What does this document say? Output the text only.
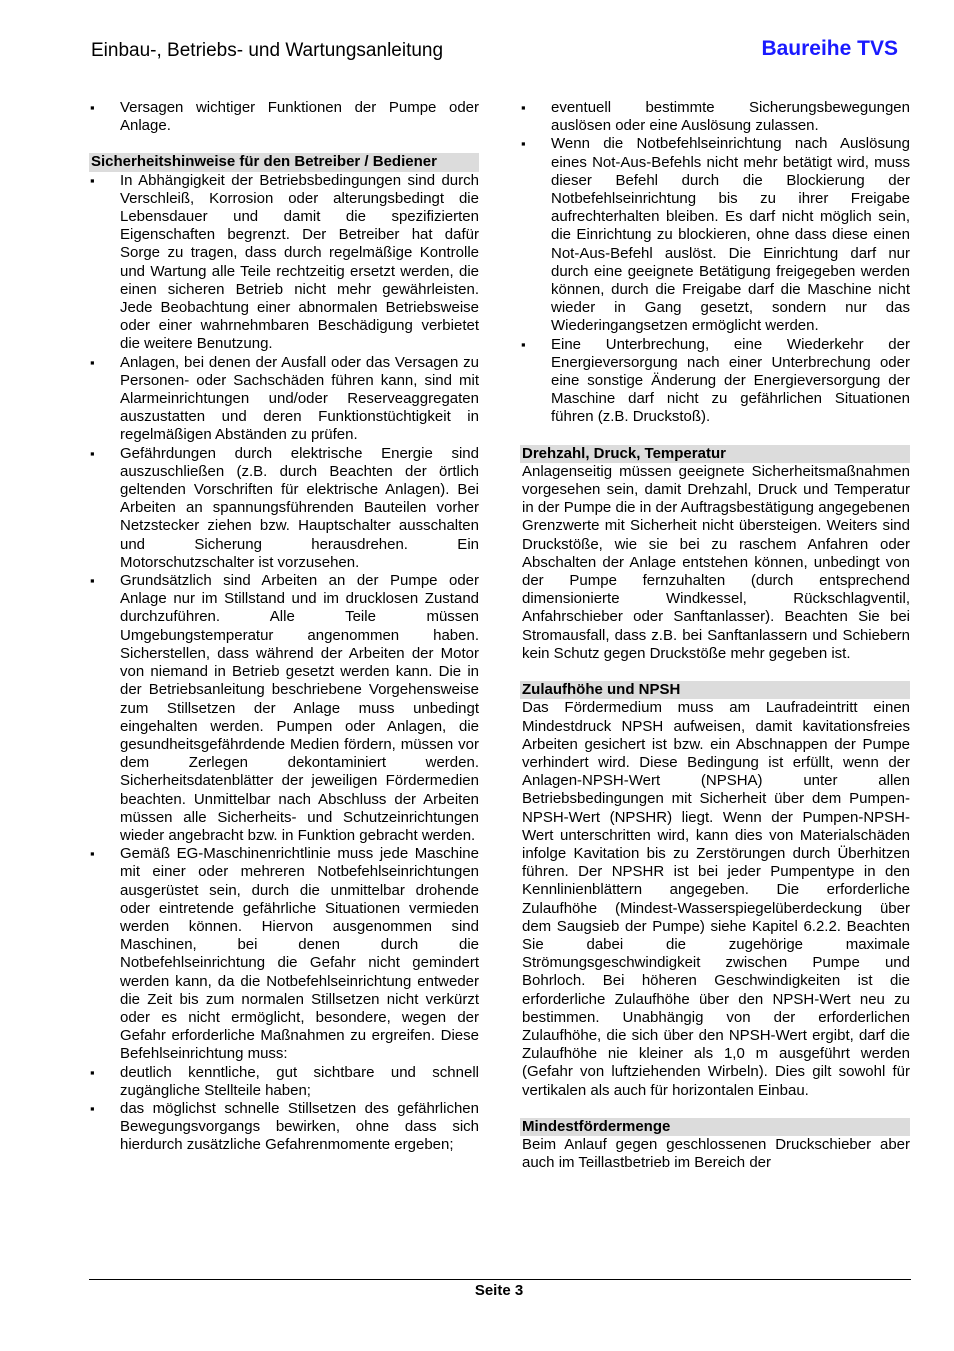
Einbau-, Betriebs- und Wartungsanleitung	Baureihe TVS
▪ Versagen wichtiger Funktionen der Pumpe oder Anlage.
Sicherheitshinweise für den Betreiber / Bediener
▪ In Abhängigkeit der Betriebsbedingungen sind durch Verschleiß, Korrosion oder alterungsbedingt die Lebensdauer und damit die spezifizierten Eigenschaften begrenzt. Der Betreiber hat dafür Sorge zu tragen, dass durch regelmäßige Kontrolle und Wartung alle Teile rechtzeitig ersetzt werden, die einen sicheren Betrieb nicht mehr gewährleisten. Jede Beobachtung einer abnormalen Betriebsweise oder einer wahrnehmbaren Beschädigung verbietet die weitere Benutzung.
▪ Anlagen, bei denen der Ausfall oder das Versagen zu Personen- oder Sachschäden führen kann, sind mit Alarmeinrichtungen und/oder Reserveaggregaten auszustatten und deren Funktionstüchtigkeit in regelmäßigen Abständen zu prüfen.
▪ Gefährdungen durch elektrische Energie sind auszuschließen (z.B. durch Beachten der örtlich geltenden Vorschriften für elektrische Anlagen). Bei Arbeiten an spannungsführenden Bauteilen vorher Netzstecker ziehen bzw. Hauptschalter ausschalten und Sicherung herausdrehen. Ein Motorschutzschalter ist vorzusehen.
▪ Grundsätzlich sind Arbeiten an der Pumpe oder Anlage nur im Stillstand und im drucklosen Zustand durchzuführen. Alle Teile müssen Umgebungstemperatur angenommen haben. Sicherstellen, dass während der Arbeiten der Motor von niemand in Betrieb gesetzt werden kann. Die in der Betriebsanleitung beschriebene Vorgehensweise zum Stillsetzen der Anlage muss unbedingt eingehalten werden. Pumpen oder Anlagen, die gesundheitsgefährdende Medien fördern, müssen vor dem Zerlegen dekontaminiert werden. Sicherheitsdatenblätter der jeweiligen Fördermedien beachten. Unmittelbar nach Abschluss der Arbeiten müssen alle Sicherheits- und Schutzeinrichtungen wieder angebracht bzw. in Funktion gebracht werden.
▪ Gemäß EG-Maschinenrichtlinie muss jede Maschine mit einer oder mehreren Notbefehlseinrichtungen ausgerüstet sein, durch die unmittelbar drohende oder eintretende gefährliche Situationen vermieden werden können. Hiervon ausgenommen sind Maschinen, bei denen durch die Notbefehlseinrichtung die Gefahr nicht gemindert werden kann, da die Notbefehlseinrichtung entweder die Zeit bis zum normalen Stillsetzen nicht verkürzt oder es nicht ermöglicht, besondere, wegen der Gefahr erforderliche Maßnahmen zu ergreifen. Diese Befehlseinrichtung muss:
▪ deutlich kenntliche, gut sichtbare und schnell zugängliche Stellteile haben;
▪ das möglichst schnelle Stillsetzen des gefährlichen Bewegungsvorgangs bewirken, ohne dass sich hierdurch zusätzliche Gefahrenmomente ergeben;
▪ eventuell bestimmte Sicherungsbewegungen auslösen oder eine Auslösung zulassen.
▪ Wenn die Notbefehlseinrichtung nach Auslösung eines Not-Aus-Befehls nicht mehr betätigt wird, muss dieser Befehl durch die Blockierung der Notbefehlseinrichtung bis zu ihrer Freigabe aufrechterhalten bleiben. Es darf nicht möglich sein, die Einrichtung zu blockieren, ohne dass diese einen Not-Aus-Befehl auslöst. Die Einrichtung darf nur durch eine geeignete Betätigung freigegeben werden können, durch die Freigabe darf die Maschine nicht wieder in Gang gesetzt, sondern nur das Wiederingangsetzen ermöglicht werden.
▪ Eine Unterbrechung, eine Wiederkehr der Energieversorgung nach einer Unterbrechung oder eine sonstige Änderung der Energieversorgung der Maschine darf nicht zu gefährlichen Situationen führen (z.B. Druckstoß).
Drehzahl, Druck, Temperatur

Anlagenseitig müssen geeignete Sicherheitsmaßnahmen vorgesehen sein, damit Drehzahl, Druck und Temperatur in der Pumpe die in der Auftragsbestätigung angegebenen Grenzwerte mit Sicherheit nicht übersteigen. Weiters sind Druckstöße, wie sie bei zu raschem Anfahren oder Abschalten der Anlage entstehen können, unbedingt von der Pumpe fernzuhalten (durch entsprechend dimensionierte Windkessel, Rückschlagventil, Anfahrschieber oder Sanftanlasser). Beachten Sie bei Stromausfall, dass z.B. bei Sanftanlassern und Schiebern kein Schutz gegen Druckstöße mehr gegeben ist.

Zulaufhöhe und NPSH

Das Fördermedium muss am Laufradeintritt einen Mindestdruck NPSH aufweisen, damit kavitationsfreies Arbeiten gesichert ist bzw. ein Abschnappen der Pumpe verhindert wird. Diese Bedingung ist erfüllt, wenn der Anlagen-NPSH-Wert (NPSHA) unter allen Betriebsbedingungen mit Sicherheit über dem Pumpen-NPSH-Wert (NPSHR) liegt. Wenn der Pumpen-NPSH-Wert unterschritten wird, kann dies von Materialschäden infolge Kavitation bis zu Zerstörungen durch Überhitzen führen. Der NPSHR ist bei jeder Pumpentype in den Kennlinienblättern angegeben. Die erforderliche Zulaufhöhe (Mindest-Wasserspiegelüberdeckung über dem Saugsieb der Pumpe) siehe Kapitel 6.2.2. Beachten Sie dabei die zugehörige maximale Strömungsgeschwindigkeit zwischen Pumpe und Bohrloch. Bei höheren Geschwindigkeiten ist die erforderliche Zulaufhöhe über den NPSH-Wert neu zu bestimmen. Unabhängig von der erforderlichen Zulaufhöhe, die sich über den NPSH-Wert ergibt, darf die Zulaufhöhe nie kleiner als 1,0 m ausgeführt werden (Gefahr von luftziehenden Wirbeln). Dies gilt sowohl für vertikalen als auch für horizontalen Einbau.

Mindestfördermenge

Beim Anlauf gegen geschlossenen Druckschieber aber auch im Teillastbetrieb im Bereich der

Seite 3
